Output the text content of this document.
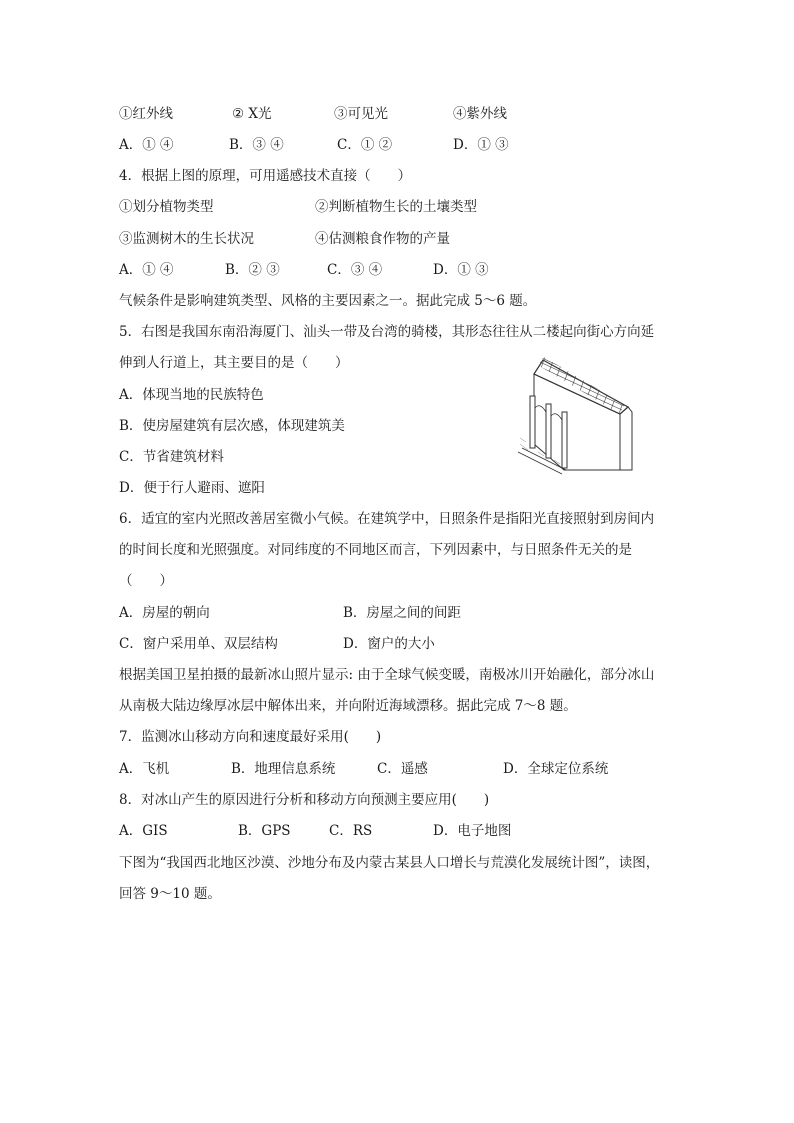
①红外线	② X光	③可见光	④紫外线
A．① ④	B．③ ④	C．① ②	D．① ③
4．根据上图的原理，可用遥感技术直接（　　）
①划分植物类型	②判断植物生长的土壤类型
③监测树木的生长状况	④估测粮食作物的产量
A．① ④	B．② ③	C．③ ④	D．① ③
气候条件是影响建筑类型、风格的主要因素之一。据此完成 5～6 题。
5．右图是我国东南沿海厦门、汕头一带及台湾的骑楼，其形态往往从二楼起向街心方向延
伸到人行道上，其主要目的是（　　）
A．体现当地的民族特色
B．使房屋建筑有层次感，体现建筑美
C．节省建筑材料
D．便于行人避雨、遮阳
6．适宜的室内光照改善居室微小气候。在建筑学中，日照条件是指阳光直接照射到房间内
的时间长度和光照强度。对同纬度的不同地区而言，下列因素中，与日照条件无关的是
（　　）
A．房屋的朝向	B．房屋之间的间距
C．窗户采用单、双层结构	D．窗户的大小
根据美国卫星拍摄的最新冰山照片显示: 由于全球气候变暖，南极冰川开始融化，部分冰山
从南极大陆边缘厚冰层中解体出来，并向附近海域漂移。据此完成 7～8 题。
7．监测冰山移动方向和速度最好采用(　　)
A．飞机	B．地理信息系统	C．遥感	D．全球定位系统
8．对冰山产生的原因进行分析和移动方向预测主要应用(　　)
A．GIS	B．GPS	C．RS	D．电子地图
下图为“我国西北地区沙漠、沙地分布及内蒙古某县人口增长与荒漠化发展统计图”，读图，
回答 9～10 题。
